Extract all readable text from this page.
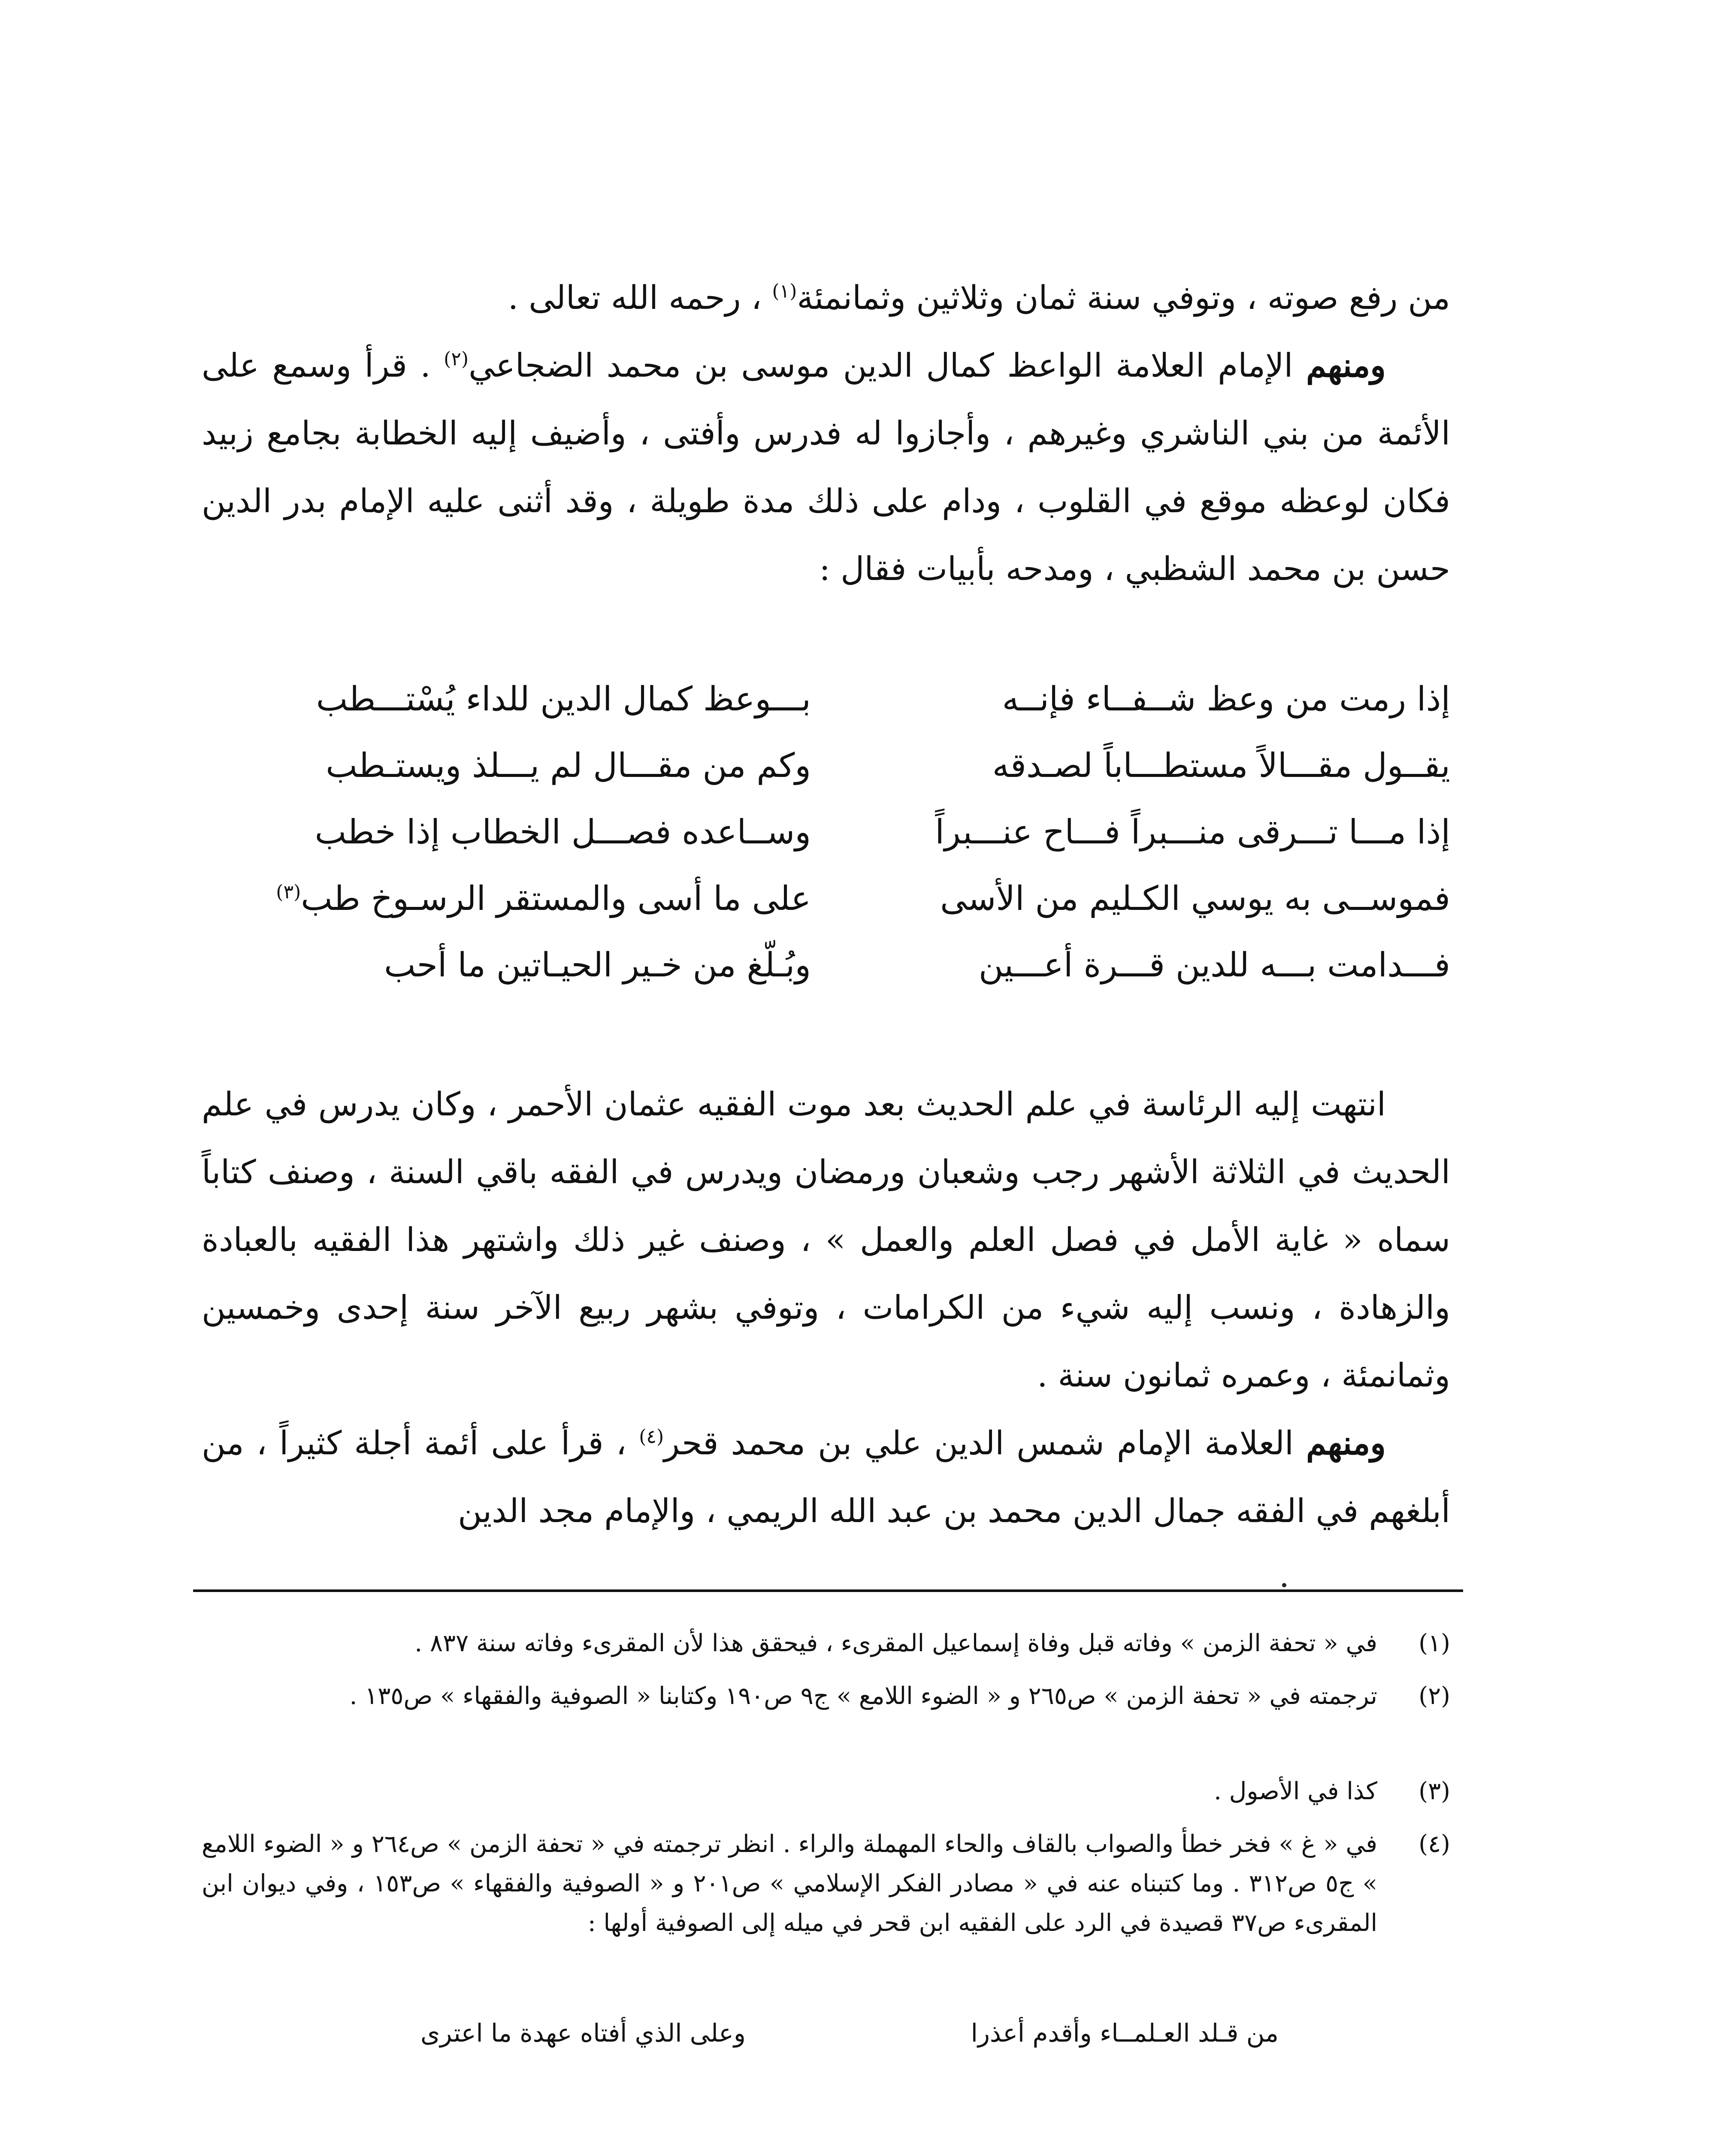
من رفع صوته ، وتوفي سنة ثمان وثلاثين وثمانمئة$^{(١)}$ ، رحمه الله تعالى .

ومنهم الإمام العلامة الواعظ كمال الدين موسى بن محمد الضجاعي$^{(٢)}$ . قرأ وسمع على الأئمة من بني الناشري وغيرهم ، وأجازوا له فدرس وأفتى ، وأضيف إليه الخطابة بجامع زبيد فكان لوعظه موقع في القلوب ، ودام على ذلك مدة طويلة ، وقد أثنى عليه الإمام بدر الدين حسن بن محمد الشظبي ، ومدحه بأبيات فقال :

إذا رمت من وعظ شــفــاء فإنــه
بـــوعظ كمال الدين للداء يُسْتـــطب
يقــول مقـــالاً مستطـــاباً لصـدقه
وكم من مقـــال لم يـــلذ ويستـطب
إذا مـــا تـــرقى منـــبراً فـــاح عنـــبراً
وســاعده فصـــل الخطاب إذا خطب
فموســى به يوسي الكـليم من الأسى
على ما أسى والمستقر الرسـوخ طب$^{(٣)}$
فـــدامت بـــه للدين قـــرة أعـــين
وبُـلّغ من خـير الحيـاتين ما أحب

انتهت إليه الرئاسة في علم الحديث بعد موت الفقيه عثمان الأحمر ، وكان يدرس في علم الحديث في الثلاثة الأشهر رجب وشعبان ورمضان ويدرس في الفقه باقي السنة ، وصنف كتاباً سماه « غاية الأمل في فصل العلم والعمل » ، وصنف غير ذلك واشتهر هذا الفقيه بالعبادة والزهادة ، ونسب إليه شيء من الكرامات ، وتوفي بشهر ربيع الآخر سنة إحدى وخمسين وثمانمئة ، وعمره ثمانون سنة .

ومنهم العلامة الإمام شمس الدين علي بن محمد قحر$^{(٤)}$ ، قرأ على أئمة أجلة كثيراً ، من أبلغهم في الفقه جمال الدين محمد بن عبد الله الريمي ، والإمام مجد الدين

(١)
في « تحفة الزمن » وفاته قبل وفاة إسماعيل المقرىء ، فيحقق هذا لأن المقرىء وفاته سنة ٨٣٧ .
(٢)
ترجمته في « تحفة الزمن » ص٢٦٥ و « الضوء اللامع » ج٩ ص١٩٠ وكتابنا « الصوفية والفقهاء » ص١٣٥ .
(٣)
كذا في الأصول .
(٤)
في « غ » فخر خطأ والصواب بالقاف والحاء المهملة والراء . انظر ترجمته في « تحفة الزمن » ص٢٦٤ و « الضوء اللامع » ج٥ ص٣١٢ . وما كتبناه عنه في « مصادر الفكر الإسلامي » ص٢٠١ و « الصوفية والفقهاء » ص١٥٣ ، وفي ديوان ابن المقرىء ص٣٧ قصيدة في الرد على الفقيه ابن قحر في ميله إلى الصوفية أولها :
من قـلد العـلمــاء وأقدم أعذرا
وعلى الذي أفتاه عهدة ما اعترى
